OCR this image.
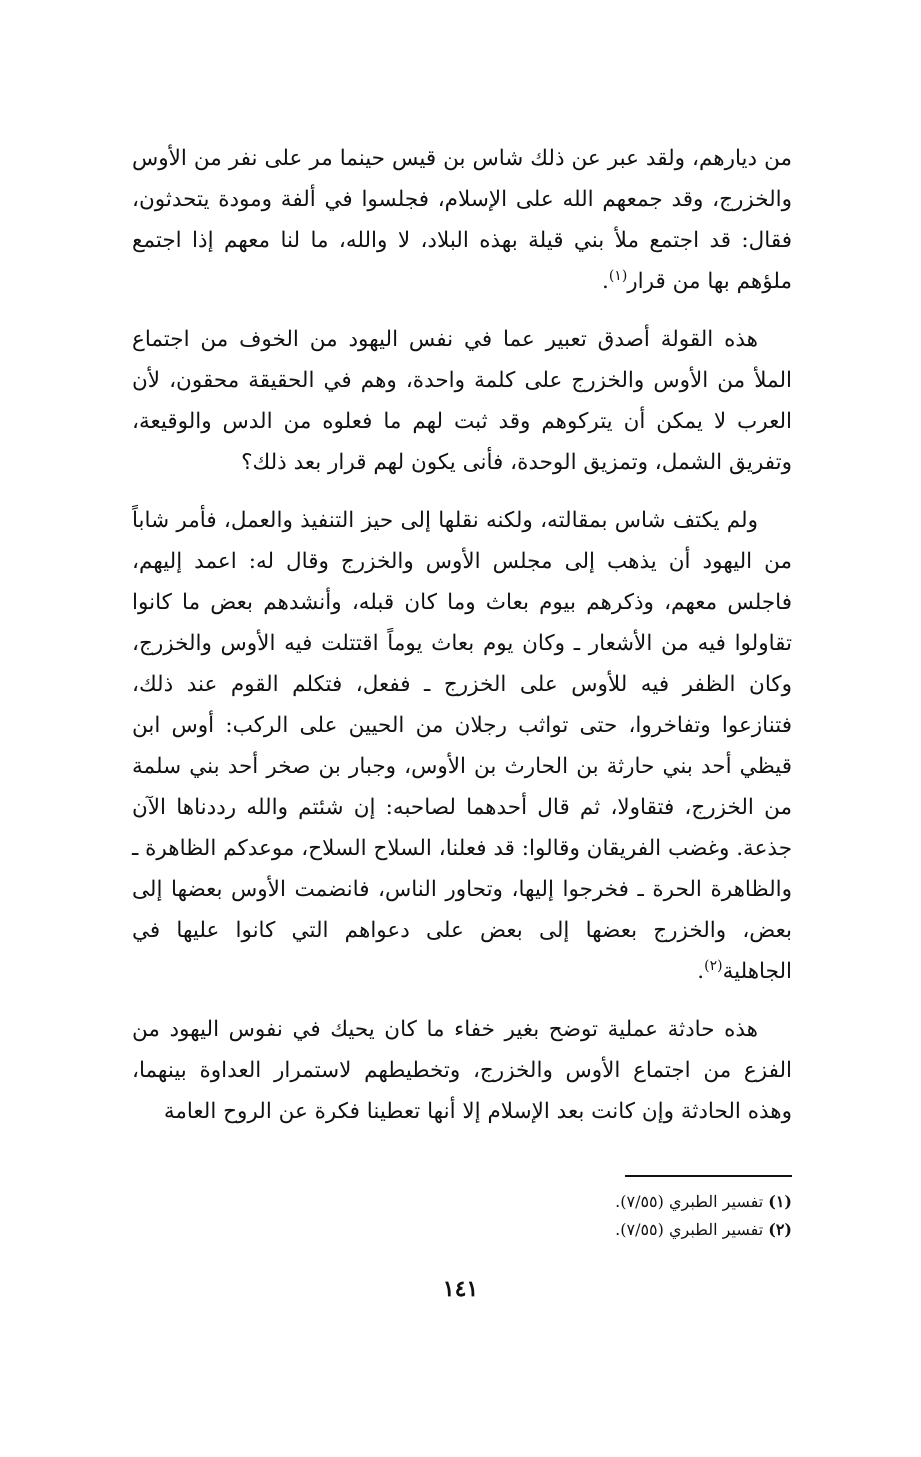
من ديارهم، ولقد عبر عن ذلك شاس بن قيس حينما مر على نفر من الأوس والخزرج، وقد جمعهم الله على الإسلام، فجلسوا في ألفة ومودة يتحدثون، فقال: قد اجتمع ملأ بني قيلة بهذه البلاد، لا والله، ما لنا معهم إذا اجتمع ملؤهم بها من قرار$^{(١)}$.

هذه القولة أصدق تعبير عما في نفس اليهود من الخوف من اجتماع الملأ من الأوس والخزرج على كلمة واحدة، وهم في الحقيقة محقون، لأن العرب لا يمكن أن يتركوهم وقد ثبت لهم ما فعلوه من الدس والوقيعة، وتفريق الشمل، وتمزيق الوحدة، فأنى يكون لهم قرار بعد ذلك؟

ولم يكتف شاس بمقالته، ولكنه نقلها إلى حيز التنفيذ والعمل، فأمر شاباً من اليهود أن يذهب إلى مجلس الأوس والخزرج وقال له: اعمد إليهم، فاجلس معهم، وذكرهم بيوم بعاث وما كان قبله، وأنشدهم بعض ما كانوا تقاولوا فيه من الأشعار ـ وكان يوم بعاث يوماً اقتتلت فيه الأوس والخزرج، وكان الظفر فيه للأوس على الخزرج ـ ففعل، فتكلم القوم عند ذلك، فتنازعوا وتفاخروا، حتى تواثب رجلان من الحيين على الركب: أوس ابن قيظي أحد بني حارثة بن الحارث بن الأوس، وجبار بن صخر أحد بني سلمة من الخزرج، فتقاولا، ثم قال أحدهما لصاحبه: إن شئتم والله رددناها الآن جذعة. وغضب الفريقان وقالوا: قد فعلنا، السلاح السلاح، موعدكم الظاهرة ـ والظاهرة الحرة ـ فخرجوا إليها، وتحاور الناس، فانضمت الأوس بعضها إلى بعض، والخزرج بعضها إلى بعض على دعواهم التي كانوا عليها في الجاهلية$^{(٢)}$.

هذه حادثة عملية توضح بغير خفاء ما كان يحيك في نفوس اليهود من الفزع من اجتماع الأوس والخزرج، وتخطيطهم لاستمرار العداوة بينهما، وهذه الحادثة وإن كانت بعد الإسلام إلا أنها تعطينا فكرة عن الروح العامة

(١) تفسير الطبري (٧/٥٥).

(٢) تفسير الطبري (٧/٥٥).

١٤١
